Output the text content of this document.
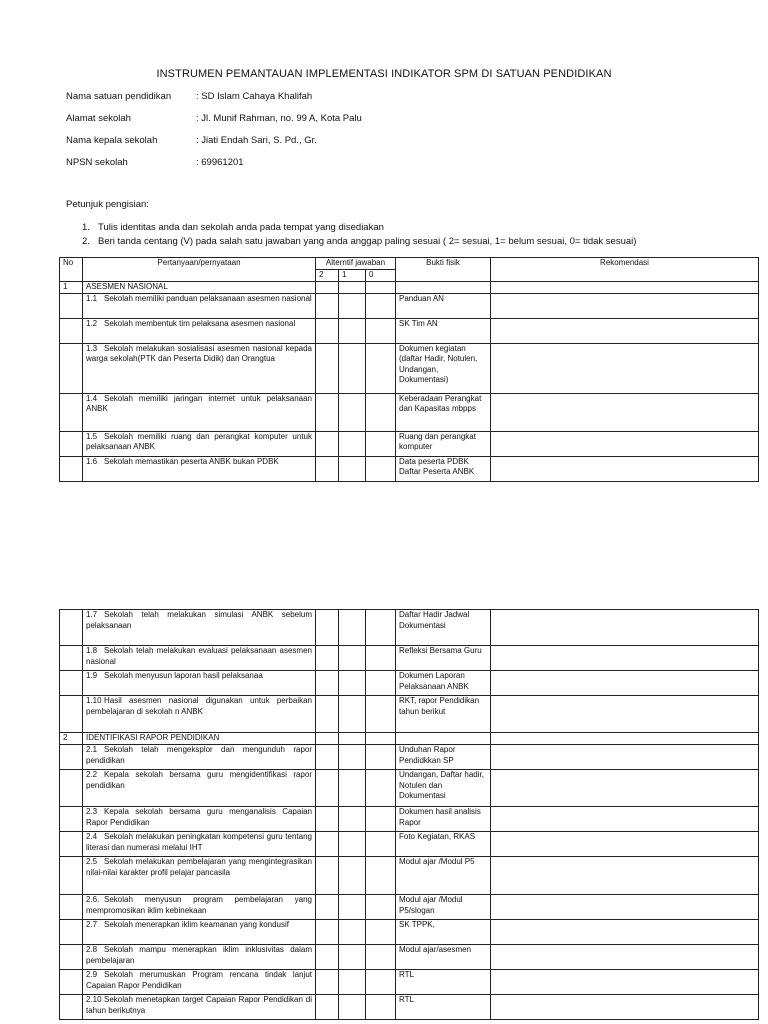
INSTRUMEN PEMANTAUAN IMPLEMENTASI INDIKATOR SPM DI SATUAN PENDIDIKAN
Nama satuan pendidikan	: SD Islam Cahaya Khalifah
Alamat sekolah	: Jl. Munif Rahman, no. 99 A, Kota Palu
Nama kepala sekolah	: Jiati Endah Sari, S. Pd., Gr.
NPSN sekolah	: 69961201
Petunjuk pengisian:
1. Tulis identitas anda dan sekolah anda pada tempat yang disediakan
2. Beri tanda centang (V) pada salah satu jawaban yang anda anggap paling sesuai ( 2= sesuai, 1= belum sesuai, 0= tidak sesuai)
No	Pertanyaan/pernyataan	Alterntif jawaban			Bukti fisik	Rekomendasi
		2	1	0		
1	ASESMEN NASIONAL					
	1.1 Sekolah memiliki panduan pelaksanaan asesmen nasional				Panduan AN	
	1.2 Sekolah membentuk tim pelaksana asesmen nasional				SK Tim AN	
	1.3 Sekolah melakukan sosialisasi asesmen nasional kepada warga sekolah(PTK dan Peserta Didik) dan Orangtua				Dokumen kegiatan (daftar Hadir, Notulen, Undangan, Dokumentasi)	
	1.4 Sekolah memiliki jaringan internet untuk pelaksanaan ANBK				Keberadaan Perangkat dan Kapasitas mbpps	
	1.5 Sekolah memiliki ruang dan perangkat komputer untuk pelaksanaan ANBK				Ruang dan perangkat komputer	
	1.6 Sekolah memastikan peserta ANBK bukan PDBK				Data peserta PDBK Daftar Peserta ANBK	
	1.7 Sekolah telah melakukan simulasi ANBK sebelum pelaksanaan				Daftar Hadir Jadwal Dokumentasi	
	1.8 Sekolah telah melakukan evaluasi pelaksanaan asesmen nasional				Refleksi Bersama Guru	
	1.9 Sekolah menyusun laporan hasil pelaksanaa				Dokumen Laporan Pelaksanaan ANBK	
	1.10 Hasil asesmen nasional digunakan untuk perbaikan pembelajaran di sekolah n ANBK				RKT, rapor Pendidikan tahun berikut	
2	IDENTIFIKASI RAPOR PENDIDIKAN					
	2.1 Sekolah telah mengeksplor dan mengunduh rapor pendidikan				Unduhan Rapor Pendidkkan SP	
	2.2 Kepala sekolah bersama guru mengidentifikasi rapor pendidikan				Undangan, Daftar hadir, Notulen dan Dokumentasi	
	2.3 Kepala sekolah bersama guru menganalisis Capaian Rapor Pendidikan				Dokumen hasil analisis Rapor	
	2.4 Sekolah melakukan peningkatan kompetensi guru tentang literasi dan numerasi melalui IHT				Foto Kegiatan, RKAS	
	2.5 Sekolah melakukan pembelajaran yang mengintegrasikan nilai-nilai karakter profil pelajar pancasila				Modul ajar /Modul P5	
	2.6. Sekolah menyusun program pembelajaran yang mempromosikan iklim kebinekaan				Modul ajar /Modul P5/slogan	
	2.7 Sekolah menerapkan iklim keamanan yang kondusif				SK TPPK,	
	2.8 Sekolah mampu menerapkan iklim inklusivitas dalam pembelajaran				Modul ajar/asesmen	
	2.9 Sekolah merumuskan Program rencana tindak lanjut Capaian Rapor Pendidikan				RTL	
	2.10 Sekolah menetapkan target Capaian Rapor Pendidikan di tahun berikutnya				RTL	
